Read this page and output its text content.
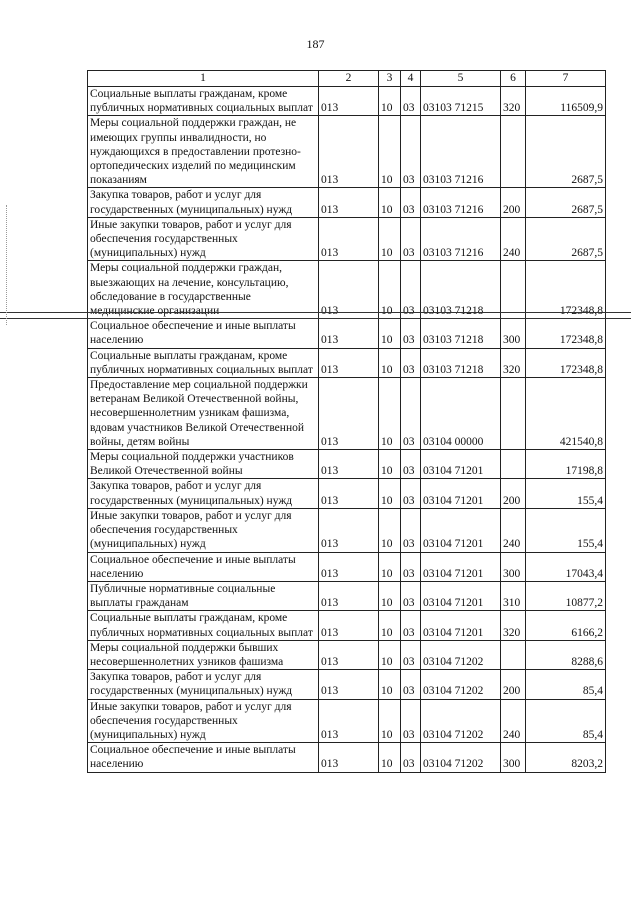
187
1	2	3	4	5	6	7
Социальные выплаты гражданам, кроме публичных нормативных социальных выплат	013	10	03	03103 71215	320	116509,9
Меры социальной поддержки граждан, не имеющих группы инвалидности, но нуждающихся в предоставлении протезно-ортопедических изделий по медицинским показаниям	013	10	03	03103 71216		2687,5
Закупка товаров, работ и услуг для государственных (муниципальных) нужд	013	10	03	03103 71216	200	2687,5
Иные закупки товаров, работ и услуг для обеспечения государственных (муниципальных) нужд	013	10	03	03103 71216	240	2687,5
Меры социальной поддержки граждан, выезжающих на лечение, консультацию, обследование в государственные медицинские организации	013	10	03	03103 71218		172348,8
Социальное обеспечение и иные выплаты населению	013	10	03	03103 71218	300	172348,8
Социальные выплаты гражданам, кроме публичных нормативных социальных выплат	013	10	03	03103 71218	320	172348,8
Предоставление мер социальной поддержки ветеранам Великой Отечественной войны, несовершеннолетним узникам фашизма, вдовам участников Великой Отечественной войны, детям войны	013	10	03	03104 00000		421540,8
Меры социальной поддержки участников Великой Отечественной войны	013	10	03	03104 71201		17198,8
Закупка товаров, работ и услуг для государственных (муниципальных) нужд	013	10	03	03104 71201	200	155,4
Иные закупки товаров, работ и услуг для обеспечения государственных (муниципальных) нужд	013	10	03	03104 71201	240	155,4
Социальное обеспечение и иные выплаты населению	013	10	03	03104 71201	300	17043,4
Публичные нормативные социальные выплаты гражданам	013	10	03	03104 71201	310	10877,2
Социальные выплаты гражданам, кроме публичных нормативных социальных выплат	013	10	03	03104 71201	320	6166,2
Меры социальной поддержки бывших несовершеннолетних узников фашизма	013	10	03	03104 71202		8288,6
Закупка товаров, работ и услуг для государственных (муниципальных) нужд	013	10	03	03104 71202	200	85,4
Иные закупки товаров, работ и услуг для обеспечения государственных (муниципальных) нужд	013	10	03	03104 71202	240	85,4
Социальное обеспечение и иные выплаты населению	013	10	03	03104 71202	300	8203,2
